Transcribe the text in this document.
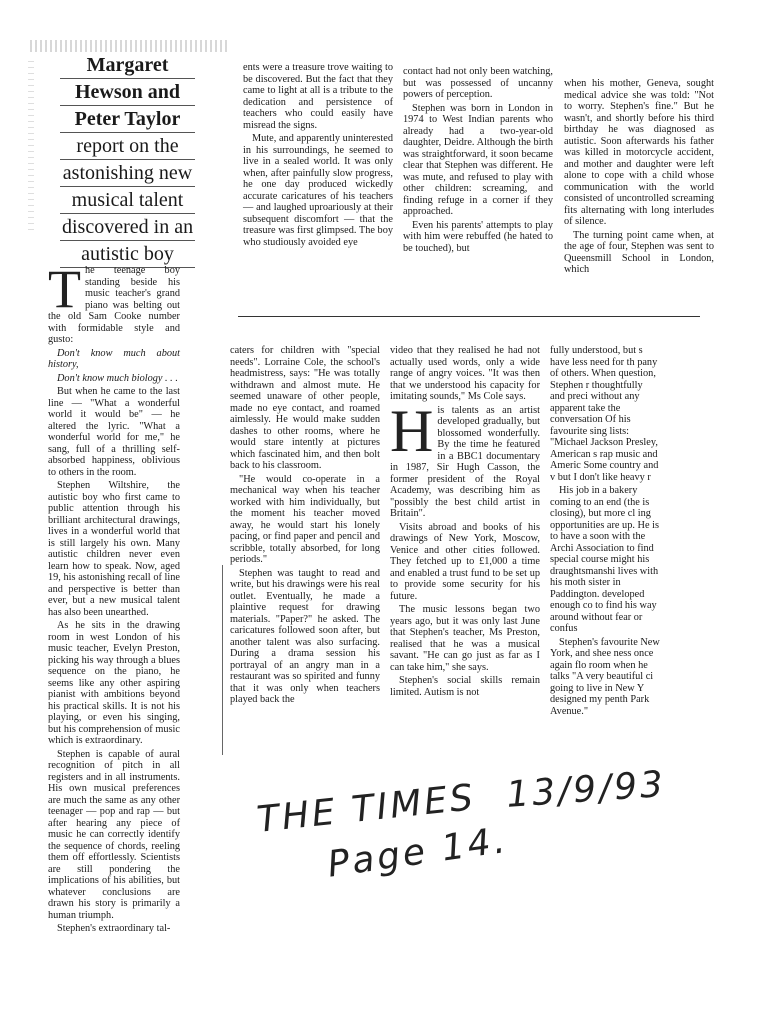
Margaret
Hewson and
Peter Taylor
report on the
astonishing new
musical talent
discovered in an
autistic boy
T he teenage boy standing beside his music teacher's grand piano was belting out the old Sam Cooke number with formidable style and gusto:

Don't know much about history,

Don't know much biology . . .

But when he came to the last line — "What a wonderful world it would be" — he altered the lyric. "What a wonderful world for me," he sang, full of a thrilling self-absorbed happiness, oblivious to others in the room.

Stephen Wiltshire, the autistic boy who first came to public attention through his brilliant architectural drawings, lives in a wonderful world that is still largely his own. Many autistic children never even learn how to speak. Now, aged 19, his astonishing recall of line and perspective is better than ever, but a new musical talent has also been unearthed.

As he sits in the drawing room in west London of his music teacher, Evelyn Preston, picking his way through a blues sequence on the piano, he seems like any other aspiring pianist with ambitions beyond his practical skills. It is not his playing, or even his singing, but his comprehension of music which is extraordinary.

Stephen is capable of aural recognition of pitch in all registers and in all instruments. His own musical preferences are much the same as any other teenager — pop and rap — but after hearing any piece of music he can correctly identify the sequence of chords, reeling them off effortlessly. Scientists are still pondering the implications of his abilities, but whatever conclusions are drawn his story is primarily a human triumph.

Stephen's extraordinary tal-

ents were a treasure trove waiting to be discovered. But the fact that they came to light at all is a tribute to the dedication and persistence of teachers who could easily have misread the signs.

Mute, and apparently uninterested in his surroundings, he seemed to live in a sealed world. It was only when, after painfully slow progress, he one day produced wickedly accurate caricatures of his teachers — and laughed uproariously at their subsequent discomfort — that the treasure was first glimpsed. The boy who studiously avoided eye

contact had not only been watching, but was possessed of uncanny powers of perception.

Stephen was born in London in 1974 to West Indian parents who already had a two-year-old daughter, Deidre. Although the birth was straightforward, it soon became clear that Stephen was different. He was mute, and refused to play with other children: screaming, and finding refuge in a corner if they approached.

Even his parents' attempts to play with him were rebuffed (he hated to be touched), but

when his mother, Geneva, sought medical advice she was told: "Not to worry. Stephen's fine." But he wasn't, and shortly before his third birthday he was diagnosed as autistic. Soon afterwards his father was killed in motorcycle accident, and mother and daughter were left alone to cope with a child whose communication with the world consisted of uncontrolled screaming fits alternating with long interludes of silence.

The turning point came when, at the age of four, Stephen was sent to Queensmill School in London, which

caters for children with "special needs". Lorraine Cole, the school's headmistress, says: "He was totally withdrawn and almost mute. He seemed unaware of other people, made no eye contact, and roamed aimlessly. He would make sudden dashes to other rooms, where he would stare intently at pictures which fascinated him, and then bolt back to his classroom.

"He would co-operate in a mechanical way when his teacher worked with him individually, but the moment his teacher moved away, he would start his lonely pacing, or find paper and pencil and scribble, totally absorbed, for long periods."

Stephen was taught to read and write, but his drawings were his real outlet. Eventually, he made a plaintive request for drawing materials. "Paper?" he asked. The caricatures followed soon after, but another talent was also surfacing. During a drama session his portrayal of an angry man in a restaurant was so spirited and funny that it was only when teachers played back the

video that they realised he had not actually used words, only a wide range of angry voices. "It was then that we understood his capacity for imitating sounds," Ms Cole says.

H is talents as an artist developed gradually, but blossomed wonderfully. By the time he featured in a BBC1 documentary in 1987, Sir Hugh Casson, the former president of the Royal Academy, was describing him as "possibly the best child artist in Britain".

Visits abroad and books of his drawings of New York, Moscow, Venice and other cities followed. They fetched up to £1,000 a time and enabled a trust fund to be set up to provide some security for his future.

The music lessons began two years ago, but it was only last June that Stephen's teacher, Ms Preston, realised that he was a musical savant. "He can go just as far as I can take him," she says.

Stephen's social skills remain limited. Autism is not

fully understood, but s have less need for th pany of others. When question, Stephen r thoughtfully and preci without any apparent take the conversation Of his favourite sing lists: "Michael Jackson Presley, American s rap music and Americ Some country and v but I don't like heavy r

His job in a bakery coming to an end (the is closing), but more cl ing opportunities are up. He is to have a soon with the Archi Association to find special course might his draughtsmanshi lives with his moth sister in Paddington. developed enough co to find his way around without fear or confus

Stephen's favourite New York, and shee ness once again flo room when he talks "A very beautiful ci going to live in New Y designed my penth Park Avenue."

THE TIMES 13/9/93
Page 14.
